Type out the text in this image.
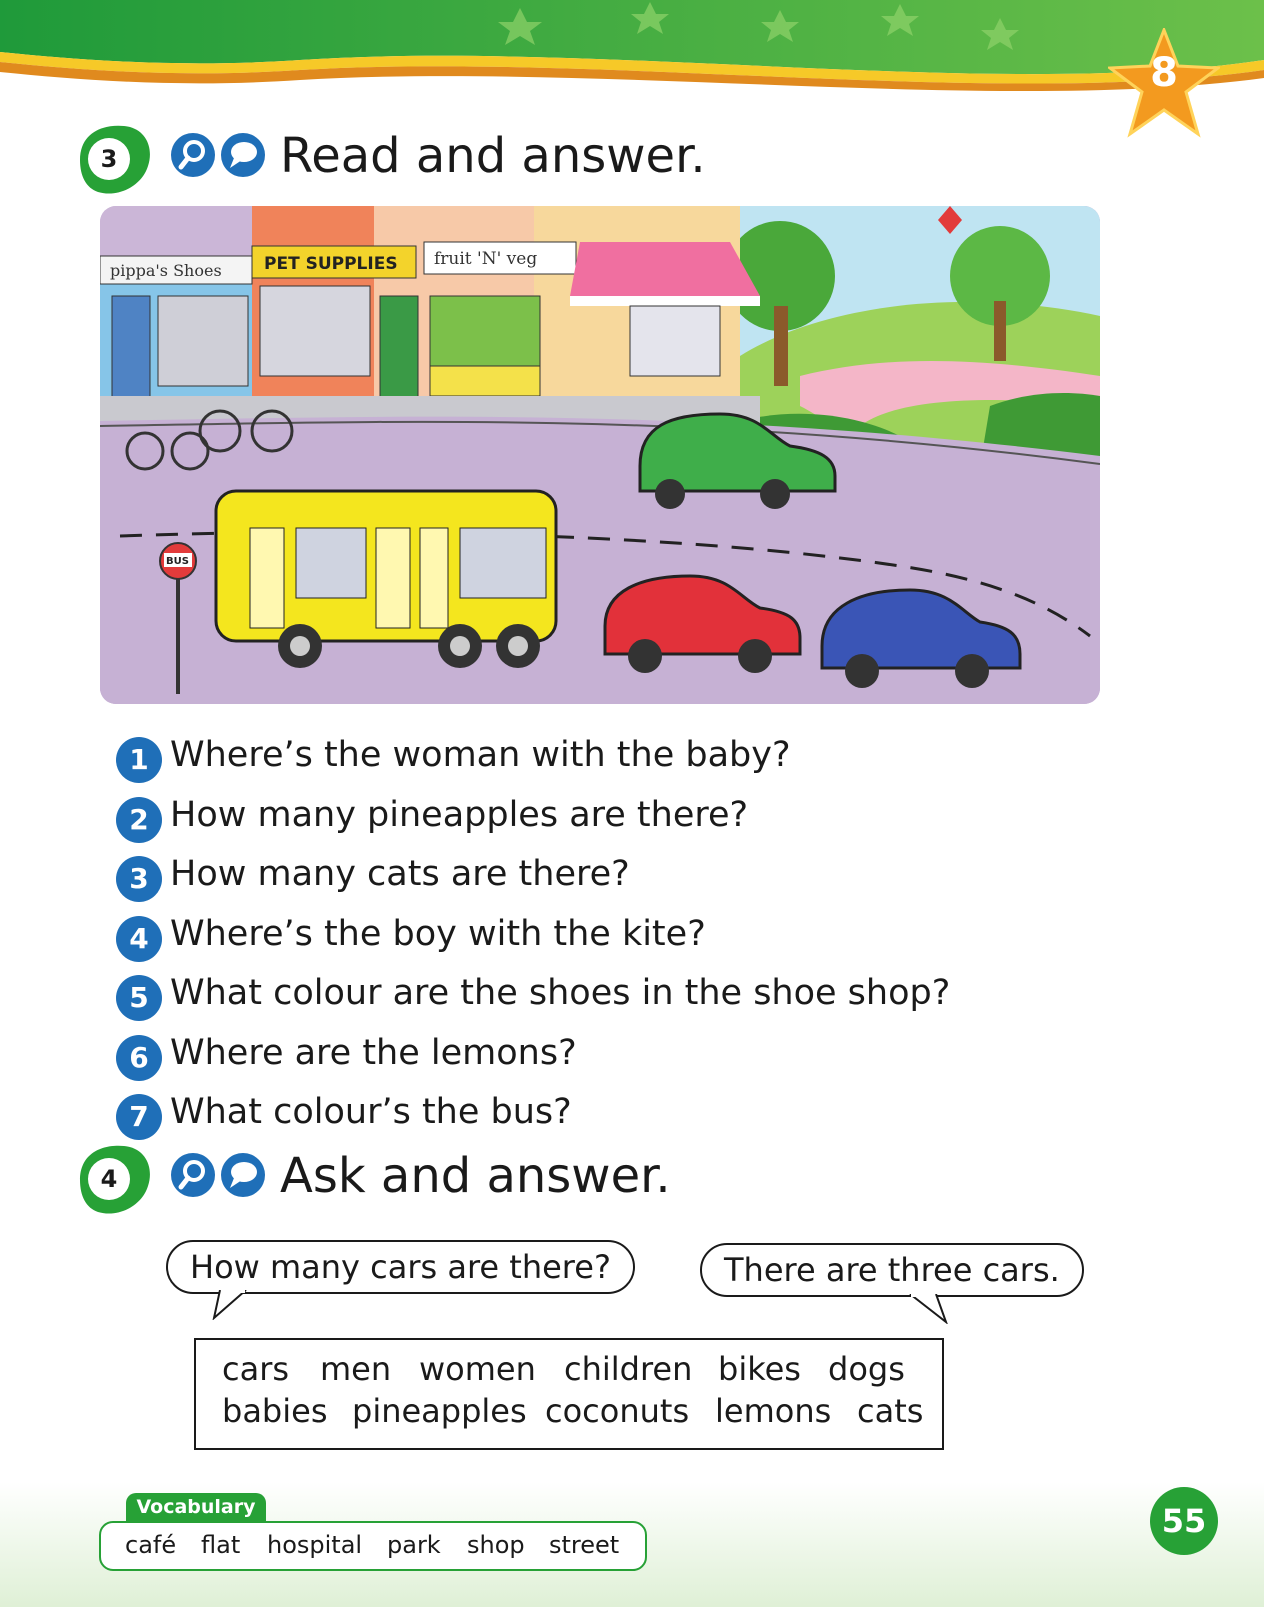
8
3	Read and answer.
pippa's Shoes PET SUPPLIES fruit 'N' veg
BUS
1 Where’s the woman with the baby?
2 How many pineapples are there?
3 How many cats are there?
4 Where’s the boy with the kite?
5 What colour are the shoes in the shoe shop?
6 Where are the lemons?
7 What colour’s the bus?
4	Ask and answer.
How many cars are there?	There are three cars.
cars men women children bikes dogs
babies pineapples coconuts lemons cats
Vocabulary
café flat hospital park shop street
55
